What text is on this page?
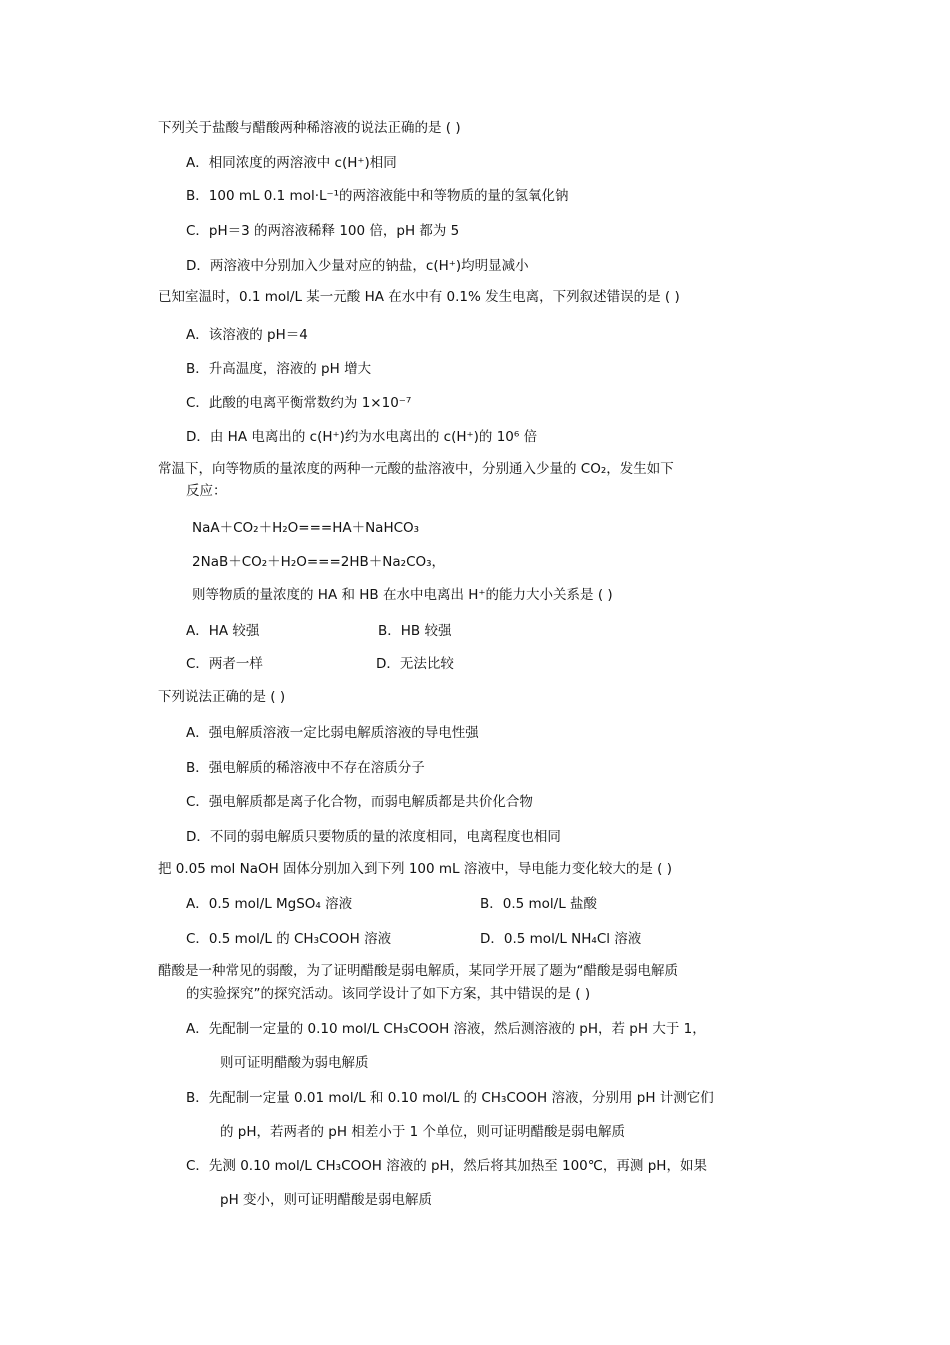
下列关于盐酸与醋酸两种稀溶液的说法正确的是 ( )
A．相同浓度的两溶液中 c(H⁺)相同
B．100 mL 0.1 mol·L⁻¹的两溶液能中和等物质的量的氢氧化钠
C．pH＝3 的两溶液稀释 100 倍，pH 都为 5
D．两溶液中分别加入少量对应的钠盐，c(H⁺)均明显减小
已知室温时，0.1 mol/L 某一元酸 HA 在水中有 0.1% 发生电离，下列叙述错误的是 ( )
A．该溶液的 pH＝4
B．升高温度，溶液的 pH 增大
C．此酸的电离平衡常数约为 1×10⁻⁷
D．由 HA 电离出的 c(H⁺)约为水电离出的 c(H⁺)的 10⁶ 倍
常温下，向等物质的量浓度的两种一元酸的盐溶液中，分别通入少量的 CO₂，发生如下
反应：
NaA＋CO₂＋H₂O===HA＋NaHCO₃
2NaB＋CO₂＋H₂O===2HB＋Na₂CO₃，
则等物质的量浓度的 HA 和 HB 在水中电离出 H⁺的能力大小关系是 ( )
A．HA 较强	B．HB 较强
C．两者一样	D．无法比较
下列说法正确的是 ( )
A．强电解质溶液一定比弱电解质溶液的导电性强
B．强电解质的稀溶液中不存在溶质分子
C．强电解质都是离子化合物，而弱电解质都是共价化合物
D．不同的弱电解质只要物质的量的浓度相同，电离程度也相同
把 0.05 mol NaOH 固体分别加入到下列 100 mL 溶液中，导电能力变化较大的是 ( )
A．0.5 mol/L MgSO₄ 溶液	B．0.5 mol/L 盐酸
C．0.5 mol/L 的 CH₃COOH 溶液	D．0.5 mol/L NH₄Cl 溶液
醋酸是一种常见的弱酸，为了证明醋酸是弱电解质，某同学开展了题为“醋酸是弱电解质
的实验探究”的探究活动。该同学设计了如下方案，其中错误的是 ( )
A．先配制一定量的 0.10 mol/L CH₃COOH 溶液，然后测溶液的 pH，若 pH 大于 1，
则可证明醋酸为弱电解质
B．先配制一定量 0.01 mol/L 和 0.10 mol/L 的 CH₃COOH 溶液，分别用 pH 计测它们
的 pH，若两者的 pH 相差小于 1 个单位，则可证明醋酸是弱电解质
C．先测 0.10 mol/L CH₃COOH 溶液的 pH，然后将其加热至 100℃，再测 pH，如果
pH 变小，则可证明醋酸是弱电解质
